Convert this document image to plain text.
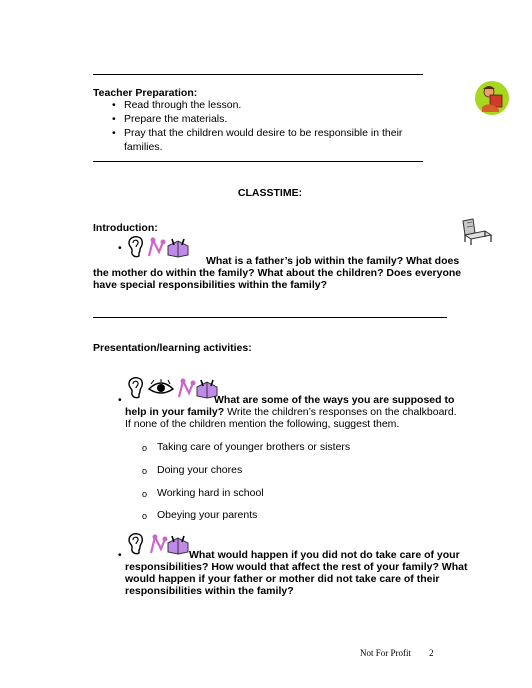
Teacher Preparation:
• Read through the lesson.
• Prepare the materials.
• Pray that the children would desire to be responsible in their
families.
CLASSTIME:
Introduction:
•
What is a father’s job within the family? What does
the mother do within the family? What about the children? Does everyone
have special responsibilities within the family?
Presentation/learning activities:
•	What are some of the ways you are supposed to
help in your family? Write the children’s responses on the chalkboard.
If none of the children mention the following, suggest them.
o Taking care of younger brothers or sisters
o Doing your chores
o Working hard in school
o Obeying your parents
•	What would happen if you did not do take care of your
responsibilities? How would that affect the rest of your family? What
would happen if your father or mother did not take care of their
responsibilities within the family?
Not For Profit 2
